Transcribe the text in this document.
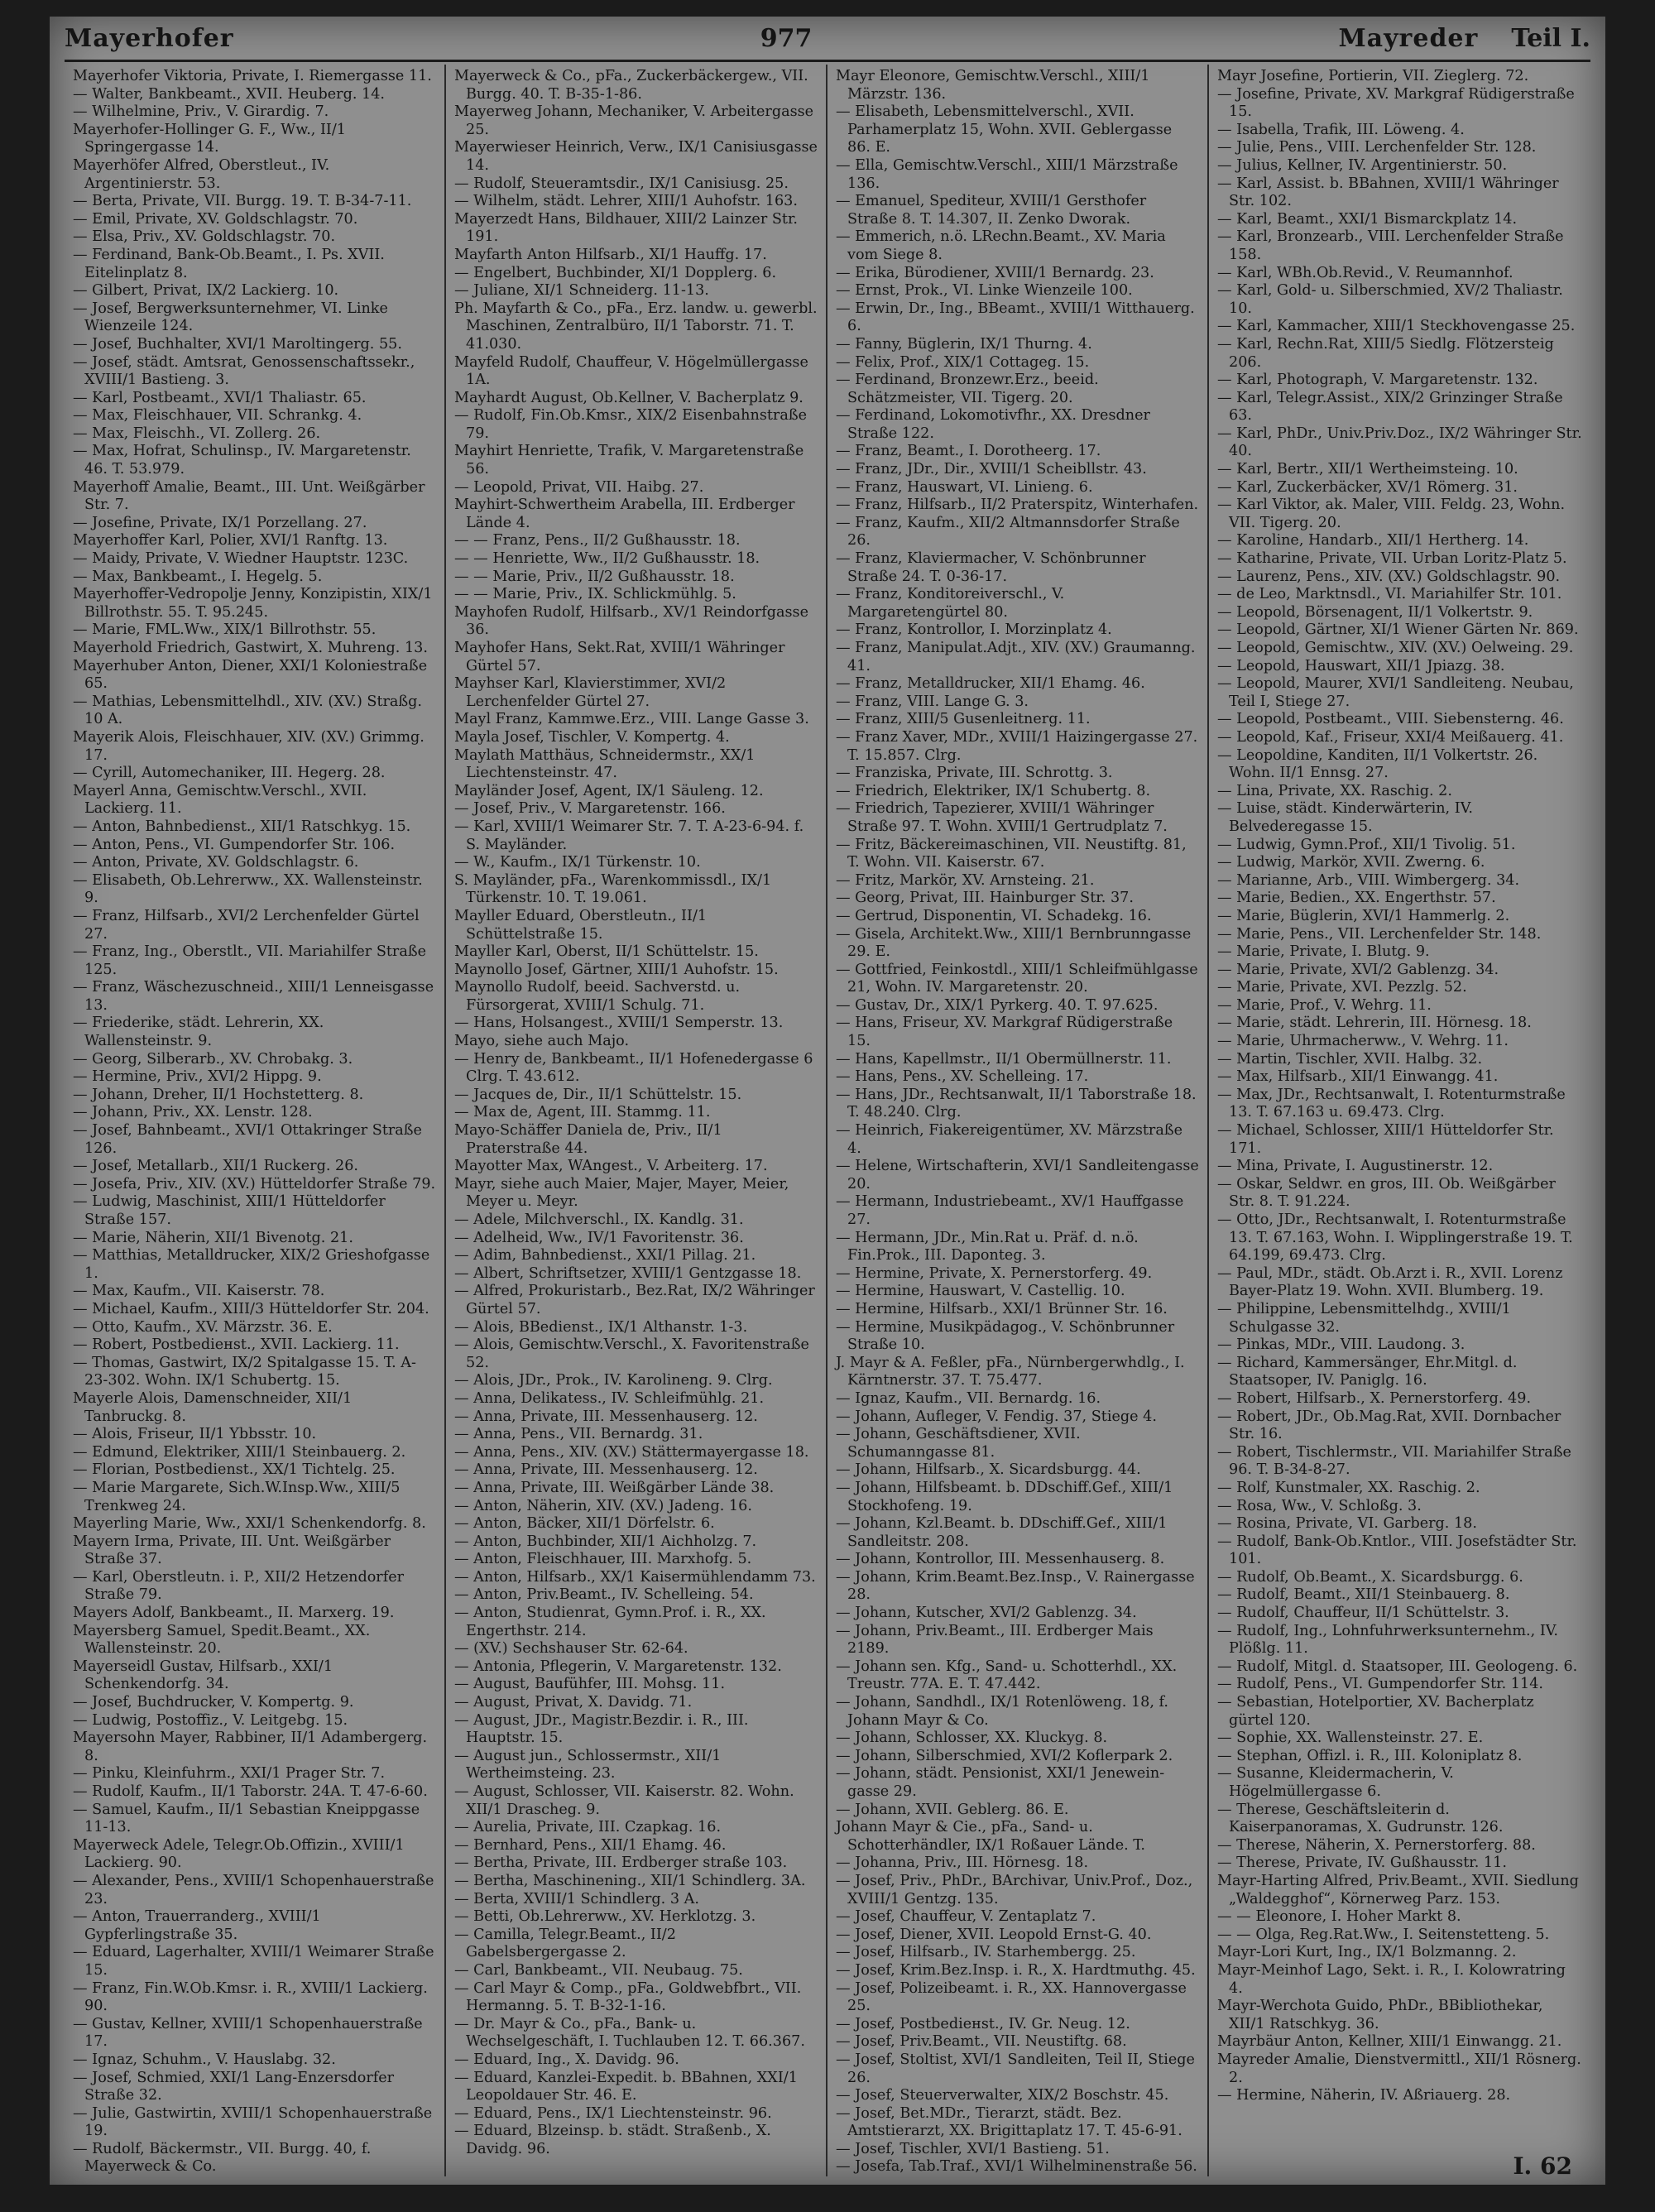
Mayerhofer	977	Mayreder Teil I.

Mayerhofer Viktoria, Private, I. Riemergasse 11.

— Walter, Bankbeamt., XVII. Heuberg. 14.

— Wilhelmine, Priv., V. Girardig. 7.

Mayerhofer-Hollinger G. F., Ww., II/1 Springergasse 14.

Mayerhöfer Alfred, Oberstleut., IV. Argentinierstr. 53.

— Berta, Private, VII. Burgg. 19. T. B-34-7-11.

— Emil, Private, XV. Goldschlagstr. 70.

— Elsa, Priv., XV. Goldschlagstr. 70.

— Ferdinand, Bank-Ob.Beamt., I. Ps. XVII. Eitelinplatz 8.

— Gilbert, Privat, IX/2 Lackierg. 10.

— Josef, Bergwerksunternehmer, VI. Linke Wienzeile 124.

— Josef, Buchhalter, XVI/1 Maroltingerg. 55.

— Josef, städt. Amtsrat, Genossenschaftssekr., XVIII/1 Bastieng. 3.

— Karl, Postbeamt., XVI/1 Thaliastr. 65.

— Max, Fleischhauer, VII. Schrankg. 4.

— Max, Fleischh., VI. Zollerg. 26.

— Max, Hofrat, Schulinsp., IV. Margaretenstr. 46. T. 53.979.

Mayerhoff Amalie, Beamt., III. Unt. Weißgärber Str. 7.

— Josefine, Private, IX/1 Porzellang. 27.

Mayerhoffer Karl, Polier, XVI/1 Ranftg. 13.

— Maidy, Private, V. Wiedner Hauptstr. 123C.

— Max, Bankbeamt., I. Hegelg. 5.

Mayerhoffer-Vedropolje Jenny, Konzipistin, XIX/1 Billrothstr. 55. T. 95.245.

— Marie, FML.Ww., XIX/1 Billrothstr. 55.

Mayerhold Friedrich, Gastwirt, X. Muhreng. 13.

Mayerhuber Anton, Diener, XXI/1 Koloniestraße 65.

— Mathias, Lebensmittelhdl., XIV. (XV.) Straßg. 10 A.

Mayerik Alois, Fleischhauer, XIV. (XV.) Grimmg. 17.

— Cyrill, Automechaniker, III. Hegerg. 28.

Mayerl Anna, Gemischtw.Verschl., XVII. Lackierg. 11.

— Anton, Bahnbedienst., XII/1 Ratschkyg. 15.

— Anton, Pens., VI. Gumpendorfer Str. 106.

— Anton, Private, XV. Goldschlagstr. 6.

— Elisabeth, Ob.Lehrerww., XX. Wallensteinstr. 9.

— Franz, Hilfsarb., XVI/2 Lerchenfelder Gürtel 27.

— Franz, Ing., Oberstlt., VII. Mariahilfer Straße 125.

— Franz, Wäschezuschneid., XIII/1 Lenneisgasse 13.

— Friederike, städt. Lehrerin, XX. Wallensteinstr. 9.

— Georg, Silberarb., XV. Chrobakg. 3.

— Hermine, Priv., XVI/2 Hippg. 9.

— Johann, Dreher, II/1 Hochstetterg. 8.

— Johann, Priv., XX. Lenstr. 128.

— Josef, Bahnbeamt., XVI/1 Ottakringer Straße 126.

— Josef, Metallarb., XII/1 Ruckerg. 26.

— Josefa, Priv., XIV. (XV.) Hütteldorfer Straße 79.

— Ludwig, Maschinist, XIII/1 Hütteldorfer Straße 157.

— Marie, Näherin, XII/1 Bivenotg. 21.

— Matthias, Metalldrucker, XIX/2 Grieshofgasse 1.

— Max, Kaufm., VII. Kaiserstr. 78.

— Michael, Kaufm., XIII/3 Hütteldorfer Str. 204.

— Otto, Kaufm., XV. Märzstr. 36. E.

— Robert, Postbediенst., XVII. Lackierg. 11.

— Thomas, Gastwirt, IX/2 Spitalgasse 15. T. A-23-302. Wohn. IX/1 Schubertg. 15.

Mayerle Alois, Damenschneider, XII/1 Tanbruckg. 8.

— Alois, Friseur, II/1 Ybbsstr. 10.

— Edmund, Elektriker, XIII/1 Steinbauerg. 2.

— Florian, Postbedienst., XX/1 Tichtelg. 25.

— Marie Margarete, Sich.W.Insp.Ww., XIII/5 Trenkweg 24.

Mayerling Marie, Ww., XXI/1 Schenkendorfg. 8.

Mayern Irma, Private, III. Unt. Weißgärber Straße 37.

— Karl, Oberstleutn. i. P., XII/2 Hetzendorfer Straße 79.

Mayers Adolf, Bankbeamt., II. Marxerg. 19.

Mayersberg Samuel, Spedit.Beamt., XX. Wallensteinstr. 20.

Mayerseidl Gustav, Hilfsarb., XXI/1 Schenkendorfg. 34.

— Josef, Buchdrucker, V. Kompertg. 9.

— Ludwig, Postoffiz., V. Leitgebg. 15.

Mayersohn Mayer, Rabbiner, II/1 Adambergerg. 8.

— Pinku, Kleinfuhrm., XXI/1 Prager Str. 7.

— Rudolf, Kaufm., II/1 Taborstr. 24A. T. 47-6-60.

— Samuel, Kaufm., II/1 Sebastian Kneippgasse 11-13.

Mayerweck Adele, Telegr.Ob.Offizin., XVIII/1 Lackierg. 90.

— Alexander, Pens., XVIII/1 Schopenhauerstraße 23.

— Anton, Trauerranderg., XVIII/1 Gypferlingstraße 35.

— Eduard, Lagerhalter, XVIII/1 Weimarer Straße 15.

— Franz, Fin.W.Ob.Kmsr. i. R., XVIII/1 Lackierg. 90.

— Gustav, Kellner, XVIII/1 Schopenhauerstraße 17.

— Ignaz, Schuhm., V. Hauslabg. 32.

— Josef, Schmied, XXI/1 Lang-Enzersdorfer Straße 32.

— Julie, Gastwirtin, XVIII/1 Schopenhauerstraße 19.

— Rudolf, Bäckermstr., VII. Burgg. 40, f. Mayerweck & Co.

Mayerweck & Co., pFa., Zuckerbäckergew., VII. Burgg. 40. T. B-35-1-86.

Mayerweg Johann, Mechaniker, V. Arbeitergasse 25.

Mayerwieser Heinrich, Verw., IX/1 Canisiusgasse 14.

— Rudolf, Steueramtsdir., IX/1 Canisiusg. 25.

— Wilhelm, städt. Lehrer, XIII/1 Auhofstr. 163.

Mayerzedt Hans, Bildhauer, XIII/2 Lainzer Str. 191.

Mayfarth Anton Hilfsarb., XI/1 Hauffg. 17.

— Engelbert, Buchbinder, XI/1 Dopplerg. 6.

— Juliane, XI/1 Schneiderg. 11-13.

Ph. Mayfarth & Co., pFa., Erz. landw. u. gewerbl. Maschinen, Zentralbüro, II/1 Taborstr. 71. T. 41.030.

Mayfeld Rudolf, Chauffeur, V. Högelmüllergasse 1A.

Mayhardt August, Ob.Kellner, V. Bacherplatz 9.

— Rudolf, Fin.Ob.Kmsr., XIX/2 Eisenbahnstraße 79.

Mayhirt Henriette, Trafik, V. Margaretenstraße 56.

— Leopold, Privat, VII. Haibg. 27.

Mayhirt-Schwertheim Arabella, III. Erdberger Lände 4.

— — Franz, Pens., II/2 Gußhausstr. 18.

— — Henriette, Ww., II/2 Gußhausstr. 18.

— — Marie, Priv., II/2 Gußhausstr. 18.

— — Marie, Priv., IX. Schlickmühlg. 5.

Mayhofen Rudolf, Hilfsarb., XV/1 Reindorfgasse 36.

Mayhofer Hans, Sekt.Rat, XVIII/1 Währinger Gürtel 57.

Mayhser Karl, Klavierstimmer, XVI/2 Lerchenfelder Gürtel 27.

Mayl Franz, Kammwe.Erz., VIII. Lange Gasse 3.

Mayla Josef, Tischler, V. Kompertg. 4.

Maylath Matthäus, Schneidermstr., XX/1 Liechtensteinstr. 47.

Mayländer Josef, Agent, IX/1 Säuleng. 12.

— Josef, Priv., V. Margaretenstr. 166.

— Karl, XVIII/1 Weimarer Str. 7. T. A-23-6-94. f. S. Mayländer.

— W., Kaufm., IX/1 Türkenstr. 10.

S. Mayländer, pFa., Warenkommissdl., IX/1 Türkenstr. 10. T. 19.061.

Mayller Eduard, Oberstleutn., II/1 Schüttelstraße 15.

Mayller Karl, Oberst, II/1 Schüttelstr. 15.

Maynollo Josef, Gärtner, XIII/1 Auhofstr. 15.

Maynollo Rudolf, beeid. Sachverstd. u. Fürsorgerat, XVIII/1 Schulg. 71.

— Hans, Holsangest., XVIII/1 Semperstr. 13.

Mayo, siehe auch Majo.

— Henry de, Bankbeamt., II/1 Hofenedergasse 6 Clrg. T. 43.612.

— Jacques de, Dir., II/1 Schüttelstr. 15.

— Max de, Agent, III. Stammg. 11.

Mayo-Schäffer Daniela de, Priv., II/1 Praterstraße 44.

Mayotter Max, WAngest., V. Arbeiterg. 17.

Mayr, siehe auch Maier, Majer, Mayer, Meier, Meyer u. Meyr.

— Adele, Milchverschl., IX. Kandlg. 31.

— Adelheid, Ww., IV/1 Favoritenstr. 36.

— Adim, Bahnbedienst., XXI/1 Pillag. 21.

— Albert, Schriftsetzer, XVIII/1 Gentzgasse 18.

— Alfred, Prokuristarb., Bez.Rat, IX/2 Währinger Gürtel 57.

— Alois, BBedienst., IX/1 Althanstr. 1-3.

— Alois, Gemischtw.Verschl., X. Favoritenstraße 52.

— Alois, JDr., Prok., IV. Karolineng. 9. Clrg.

— Anna, Delikatess., IV. Schleifmühlg. 21.

— Anna, Private, III. Messenhauserg. 12.

— Anna, Pens., VII. Bernardg. 31.

— Anna, Pens., XIV. (XV.) Stättermayergasse 18.

— Anna, Private, III. Messenhauserg. 12.

— Anna, Private, III. Weißgärber Lände 38.

— Anton, Näherin, XIV. (XV.) Jadeng. 16.

— Anton, Bäcker, XII/1 Dörfelstr. 6.

— Anton, Buchbinder, XII/1 Aichholzg. 7.

— Anton, Fleischhauer, III. Marxhofg. 5.

— Anton, Hilfsarb., XX/1 Kaisermühlendamm 73.

— Anton, Priv.Beamt., IV. Schelleing. 54.

— Anton, Studienrat, Gymn.Prof. i. R., XX. Engerthstr. 214.

— (XV.) Sechshauser Str. 62-64.

— Antonia, Pflegerin, V. Margaretenstr. 132.

— August, Baufühfer, III. Mohsg. 11.

— August, Privat, X. Davidg. 71.

— August, JDr., Magistr.Bezdir. i. R., III. Hauptstr. 15.

— August jun., Schlossermstr., XII/1 Wertheimsteing. 23.

— August, Schlosser, VII. Kaiserstr. 82. Wohn. XII/1 Drascheg. 9.

— Aurelia, Private, III. Czapkag. 16.

— Bernhard, Pens., XII/1 Ehamg. 46.

— Bertha, Private, III. Erdberger straße 103.

— Bertha, Maschinening., XII/1 Schindlerg. 3A.

— Berta, XVIII/1 Schindlerg. 3 A.

— Betti, Ob.Lehrerww., XV. Herklotzg. 3.

— Camilla, Telegr.Beamt., II/2 Gabelsbergergasse 2.

— Carl, Bankbeamt., VII. Neubaug. 75.

— Carl Mayr & Comp., pFa., Goldwebfbrt., VII. Hermanng. 5. T. B-32-1-16.

— Dr. Mayr & Co., pFa., Bank- u. Wechselgeschäft, I. Tuchlauben 12. T. 66.367.

— Eduard, Ing., X. Davidg. 96.

— Eduard, Kanzlei-Expedit. b. BBahnen, XXI/1 Leopoldauer Str. 46. E.

— Eduard, Pens., IX/1 Liechtensteinstr. 96.

— Eduard, Blzeinsp. b. städt. Straßenb., X. Davidg. 96.

Mayr Eleonore, Gemischtw.Verschl., XIII/1 Märzstr. 136.

— Elisabeth, Lebensmittelverschl., XVII. Parhamerplatz 15, Wohn. XVII. Geblergasse 86. E.

— Ella, Gemischtw.Verschl., XIII/1 Märzstraße 136.

— Emanuel, Spediteur, XVIII/1 Gersthofer Straße 8. T. 14.307, II. Zenko Dworak.

— Emmerich, n.ö. LRechn.Beamt., XV. Maria vom Siege 8.

— Erika, Bürodiener, XVIII/1 Bernardg. 23.

— Ernst, Prok., VI. Linke Wienzeile 100.

— Erwin, Dr., Ing., BBeamt., XVIII/1 Witthauerg. 6.

— Fanny, Büglerin, IX/1 Thurng. 4.

— Felix, Prof., XIX/1 Cottageg. 15.

— Ferdinand, Bronzewr.Erz., beeid. Schätzmeister, VII. Tigerg. 20.

— Ferdinand, Lokomotivfhr., XX. Dresdner Straße 122.

— Franz, Beamt., I. Dorotheerg. 17.

— Franz, JDr., Dir., XVIII/1 Scheibllstr. 43.

— Franz, Hauswart, VI. Linieng. 6.

— Franz, Hilfsarb., II/2 Praterspitz, Winterhafen.

— Franz, Kaufm., XII/2 Altmannsdorfer Straße 26.

— Franz, Klaviermacher, V. Schönbrunner Straße 24. T. 0-36-17.

— Franz, Konditoreiverschl., V. Margaretengürtel 80.

— Franz, Kontrollor, I. Morzinplatz 4.

— Franz, Manipulat.Adjt., XIV. (XV.) Graumanng. 41.

— Franz, Metalldrucker, XII/1 Ehamg. 46.

— Franz, VIII. Lange G. 3.

— Franz, XIII/5 Gusenleitnerg. 11.

— Franz Xaver, MDr., XVIII/1 Haizingergasse 27. T. 15.857. Clrg.

— Franziska, Private, III. Schrottg. 3.

— Friedrich, Elektriker, IX/1 Schubertg. 8.

— Friedrich, Tapezierer, XVIII/1 Währinger Straße 97. T. Wohn. XVIII/1 Gertrudplatz 7.

— Fritz, Bäckereimaschinen, VII. Neustiftg. 81, T. Wohn. VII. Kaiserstr. 67.

— Fritz, Markör, XV. Arnsteing. 21.

— Georg, Privat, III. Hainburger Str. 37.

— Gertrud, Disponentin, VI. Schadekg. 16.

— Gisela, Architekt.Ww., XIII/1 Bernbrunngasse 29. E.

— Gottfried, Feinkostdl., XIII/1 Schleifmühlgasse 21, Wohn. IV. Margaretenstr. 20.

— Gustav, Dr., XIX/1 Pyrkerg. 40. T. 97.625.

— Hans, Friseur, XV. Markgraf Rüdigerstraße 15.

— Hans, Kapellmstr., II/1 Obermüllnerstr. 11.

— Hans, Pens., XV. Schelleing. 17.

— Hans, JDr., Rechtsanwalt, II/1 Taborstraße 18. T. 48.240. Clrg.

— Heinrich, Fiakereigentümer, XV. Märzstraße 4.

— Helene, Wirtschafterin, XVI/1 Sandleitengasse 20.

— Hermann, Industriebeamt., XV/1 Hauffgasse 27.

— Hermann, JDr., Min.Rat u. Präf. d. n.ö. Fin.Prok., III. Daponteg. 3.

— Hermine, Private, X. Pernerstorferg. 49.

— Hermine, Hauswart, V. Castellig. 10.

— Hermine, Hilfsarb., XXI/1 Brünner Str. 16.

— Hermine, Musikpädagog., V. Schönbrunner Straße 10.

J. Mayr & A. Feßler, pFa., Nürnbergerwhdlg., I. Kärntnerstr. 37. T. 75.477.

— Ignaz, Kaufm., VII. Bernardg. 16.

— Johann, Aufleger, V. Fendig. 37, Stiege 4.

— Johann, Geschäftsdiener, XVII. Schumanngasse 81.

— Johann, Hilfsarb., X. Sicardsburgg. 44.

— Johann, Hilfsbeamt. b. DDschiff.Gef., XIII/1 Stockhofeng. 19.

— Johann, Kzl.Beamt. b. DDschiff.Gef., XIII/1 Sandleitstr. 208.

— Johann, Kontrollor, III. Messenhauserg. 8.

— Johann, Krim.Beamt.Bez.Insp., V. Rainergasse 28.

— Johann, Kutscher, XVI/2 Gablenzg. 34.

— Johann, Priv.Beamt., III. Erdberger Mais 2189.

— Johann sen. Kfg., Sand- u. Schotterhdl., XX. Treustr. 77A. E. T. 47.442.

— Johann, Sandhdl., IX/1 Rotenlöweng. 18, f. Johann Mayr & Co.

— Johann, Schlosser, XX. Kluckyg. 8.

— Johann, Silberschmied, XVI/2 Koflerpark 2.

— Johann, städt. Pensionist, XXI/1 Jenewein-gasse 29.

— Johann, XVII. Geblerg. 86. E.

Johann Mayr & Cie., pFa., Sand- u. Schotterhändler, IX/1 Roßauer Lände. T.

— Johanna, Priv., III. Hörnesg. 18.

— Josef, Priv., PhDr., BArchivar, Univ.Prof., Doz., XVIII/1 Gentzg. 135.

— Josef, Chauffeur, V. Zentaplatz 7.

— Josef, Diener, XVII. Leopold Ernst-G. 40.

— Josef, Hilfsarb., IV. Starhembergg. 25.

— Josef, Krim.Bez.Insp. i. R., X. Hardtmuthg. 45.

— Josef, Polizeibeamt. i. R., XX. Hannovergasse 25.

— Josef, Postbediенst., IV. Gr. Neug. 12.

— Josef, Priv.Beamt., VII. Neustiftg. 68.

— Josef, Stoltist, XVI/1 Sandleiten, Teil II, Stiege 26.

— Josef, Steuerverwalter, XIX/2 Boschstr. 45.

— Josef, Bet.MDr., Tierarzt, städt. Bez. Amtstierarzt, XX. Brigittaplatz 17. T. 45-6-91.

— Josef, Tischler, XVI/1 Bastieng. 51.

— Josefa, Tab.Traf., XVI/1 Wilhelminenstraße 56.

Mayr Josefine, Portierin, VII. Zieglerg. 72.

— Josefine, Private, XV. Markgraf Rüdigerstraße 15.

— Isabella, Trafik, III. Löweng. 4.

— Julie, Pens., VIII. Lerchenfelder Str. 128.

— Julius, Kellner, IV. Argentinierstr. 50.

— Karl, Assist. b. BBahnen, XVIII/1 Währinger Str. 102.

— Karl, Beamt., XXI/1 Bismarckplatz 14.

— Karl, Bronzearb., VIII. Lerchenfelder Straße 158.

— Karl, WBh.Ob.Revid., V. Reumannhof.

— Karl, Gold- u. Silberschmied, XV/2 Thaliastr. 10.

— Karl, Kammacher, XIII/1 Steckhovengasse 25.

— Karl, Rechn.Rat, XIII/5 Siedlg. Flötzersteig 206.

— Karl, Photograph, V. Margaretenstr. 132.

— Karl, Telegr.Assist., XIX/2 Grinzinger Straße 63.

— Karl, PhDr., Univ.Priv.Doz., IX/2 Währinger Str. 40.

— Karl, Bertr., XII/1 Wertheimsteing. 10.

— Karl, Zuckerbäcker, XV/1 Römerg. 31.

— Karl Viktor, ak. Maler, VIII. Feldg. 23, Wohn. VII. Tigerg. 20.

— Karoline, Handarb., XII/1 Hertherg. 14.

— Katharine, Private, VII. Urban Loritz-Platz 5.

— Laurenz, Pens., XIV. (XV.) Goldschlagstr. 90.

— de Leo, Marktnsdl., VI. Mariahilfer Str. 101.

— Leopold, Börsenagent, II/1 Volkertstr. 9.

— Leopold, Gärtner, XI/1 Wiener Gärten Nr. 869.

— Leopold, Gemischtw., XIV. (XV.) Oelweing. 29.

— Leopold, Hauswart, XII/1 Jpiazg. 38.

— Leopold, Maurer, XVI/1 Sandleiteng. Neubau, Teil I, Stiege 27.

— Leopold, Postbeamt., VIII. Siebensterng. 46.

— Leopold, Kaf., Friseur, XXI/4 Meißauerg. 41.

— Leopoldine, Kanditen, II/1 Volkertstr. 26. Wohn. II/1 Ennsg. 27.

— Lina, Private, XX. Raschig. 2.

— Luise, städt. Kinderwärterin, IV. Belvederegasse 15.

— Ludwig, Gymn.Prof., XII/1 Tivolig. 51.

— Ludwig, Markör, XVII. Zwerng. 6.

— Marianne, Arb., VIII. Wimbergerg. 34.

— Marie, Bedien., XX. Engerthstr. 57.

— Marie, Büglerin, XVI/1 Hammerlg. 2.

— Marie, Pens., VII. Lerchenfelder Str. 148.

— Marie, Private, I. Blutg. 9.

— Marie, Private, XVI/2 Gablenzg. 34.

— Marie, Private, XVI. Pezzlg. 52.

— Marie, Prof., V. Wehrg. 11.

— Marie, städt. Lehrerin, III. Hörnesg. 18.

— Marie, Uhrmacherww., V. Wehrg. 11.

— Martin, Tischler, XVII. Halbg. 32.

— Max, Hilfsarb., XII/1 Einwangg. 41.

— Max, JDr., Rechtsanwalt, I. Rotenturmstraße 13. T. 67.163 u. 69.473. Clrg.

— Michael, Schlosser, XIII/1 Hütteldorfer Str. 171.

— Mina, Private, I. Augustinerstr. 12.

— Oskar, Seldwr. en gros, III. Ob. Weißgärber Str. 8. T. 91.224.

— Otto, JDr., Rechtsanwalt, I. Rotenturmstraße 13. T. 67.163, Wohn. I. Wipplingerstraße 19. T. 64.199, 69.473. Clrg.

— Paul, MDr., städt. Ob.Arzt i. R., XVII. Lorenz Bayer-Platz 19. Wohn. XVII. Blumberg. 19.

— Philippine, Lebensmittelhdg., XVIII/1 Schulgasse 32.

— Pinkas, MDr., VIII. Laudong. 3.

— Richard, Kammersänger, Ehr.Mitgl. d. Staatsoper, IV. Paniglg. 16.

— Robert, Hilfsarb., X. Pernerstorferg. 49.

— Robert, JDr., Ob.Mag.Rat, XVII. Dornbacher Str. 16.

— Robert, Tischlermstr., VII. Mariahilfer Straße 96. T. B-34-8-27.

— Rolf, Kunstmaler, XX. Raschig. 2.

— Rosa, Ww., V. Schloßg. 3.

— Rosina, Private, VI. Garberg. 18.

— Rudolf, Bank-Ob.Kntlor., VIII. Josefstädter Str. 101.

— Rudolf, Ob.Beamt., X. Sicardsburgg. 6.

— Rudolf, Beamt., XII/1 Steinbauerg. 8.

— Rudolf, Chauffeur, II/1 Schüttelstr. 3.

— Rudolf, Ing., Lohnfuhrwerksunternehm., IV. Plößlg. 11.

— Rudolf, Mitgl. d. Staatsoper, III. Geologeng. 6.

— Rudolf, Pens., VI. Gumpendorfer Str. 114.

— Sebastian, Hotelportier, XV. Bacherplatz gürtel 120.

— Sophie, XX. Wallensteinstr. 27. E.

— Stephan, Offizl. i. R., III. Koloniplatz 8.

— Susanne, Kleidermacherin, V. Högelmüllergasse 6.

— Therese, Geschäftsleiterin d. Kaiserpanoramas, X. Gudrunstr. 126.

— Therese, Näherin, X. Pernerstorferg. 88.

— Therese, Private, IV. Gußhausstr. 11.

Mayr-Harting Alfred, Priv.Beamt., XVII. Siedlung „Waldegghof“, Körnerweg Parz. 153.

— — Eleonore, I. Hoher Markt 8.

— — Olga, Reg.Rat.Ww., I. Seitenstetteng. 5.

Mayr-Lori Kurt, Ing., IX/1 Bolzmanng. 2.

Mayr-Meinhof Lago, Sekt. i. R., I. Kolowratring 4.

Mayr-Werchota Guido, PhDr., BBibliothekar, XII/1 Ratschkyg. 36.

Mayrbäur Anton, Kellner, XIII/1 Einwangg. 21.

Mayreder Amalie, Dienstvermittl., XII/1 Rösnerg. 2.

— Hermine, Näherin, IV. Aßriauerg. 28.

I. 62
